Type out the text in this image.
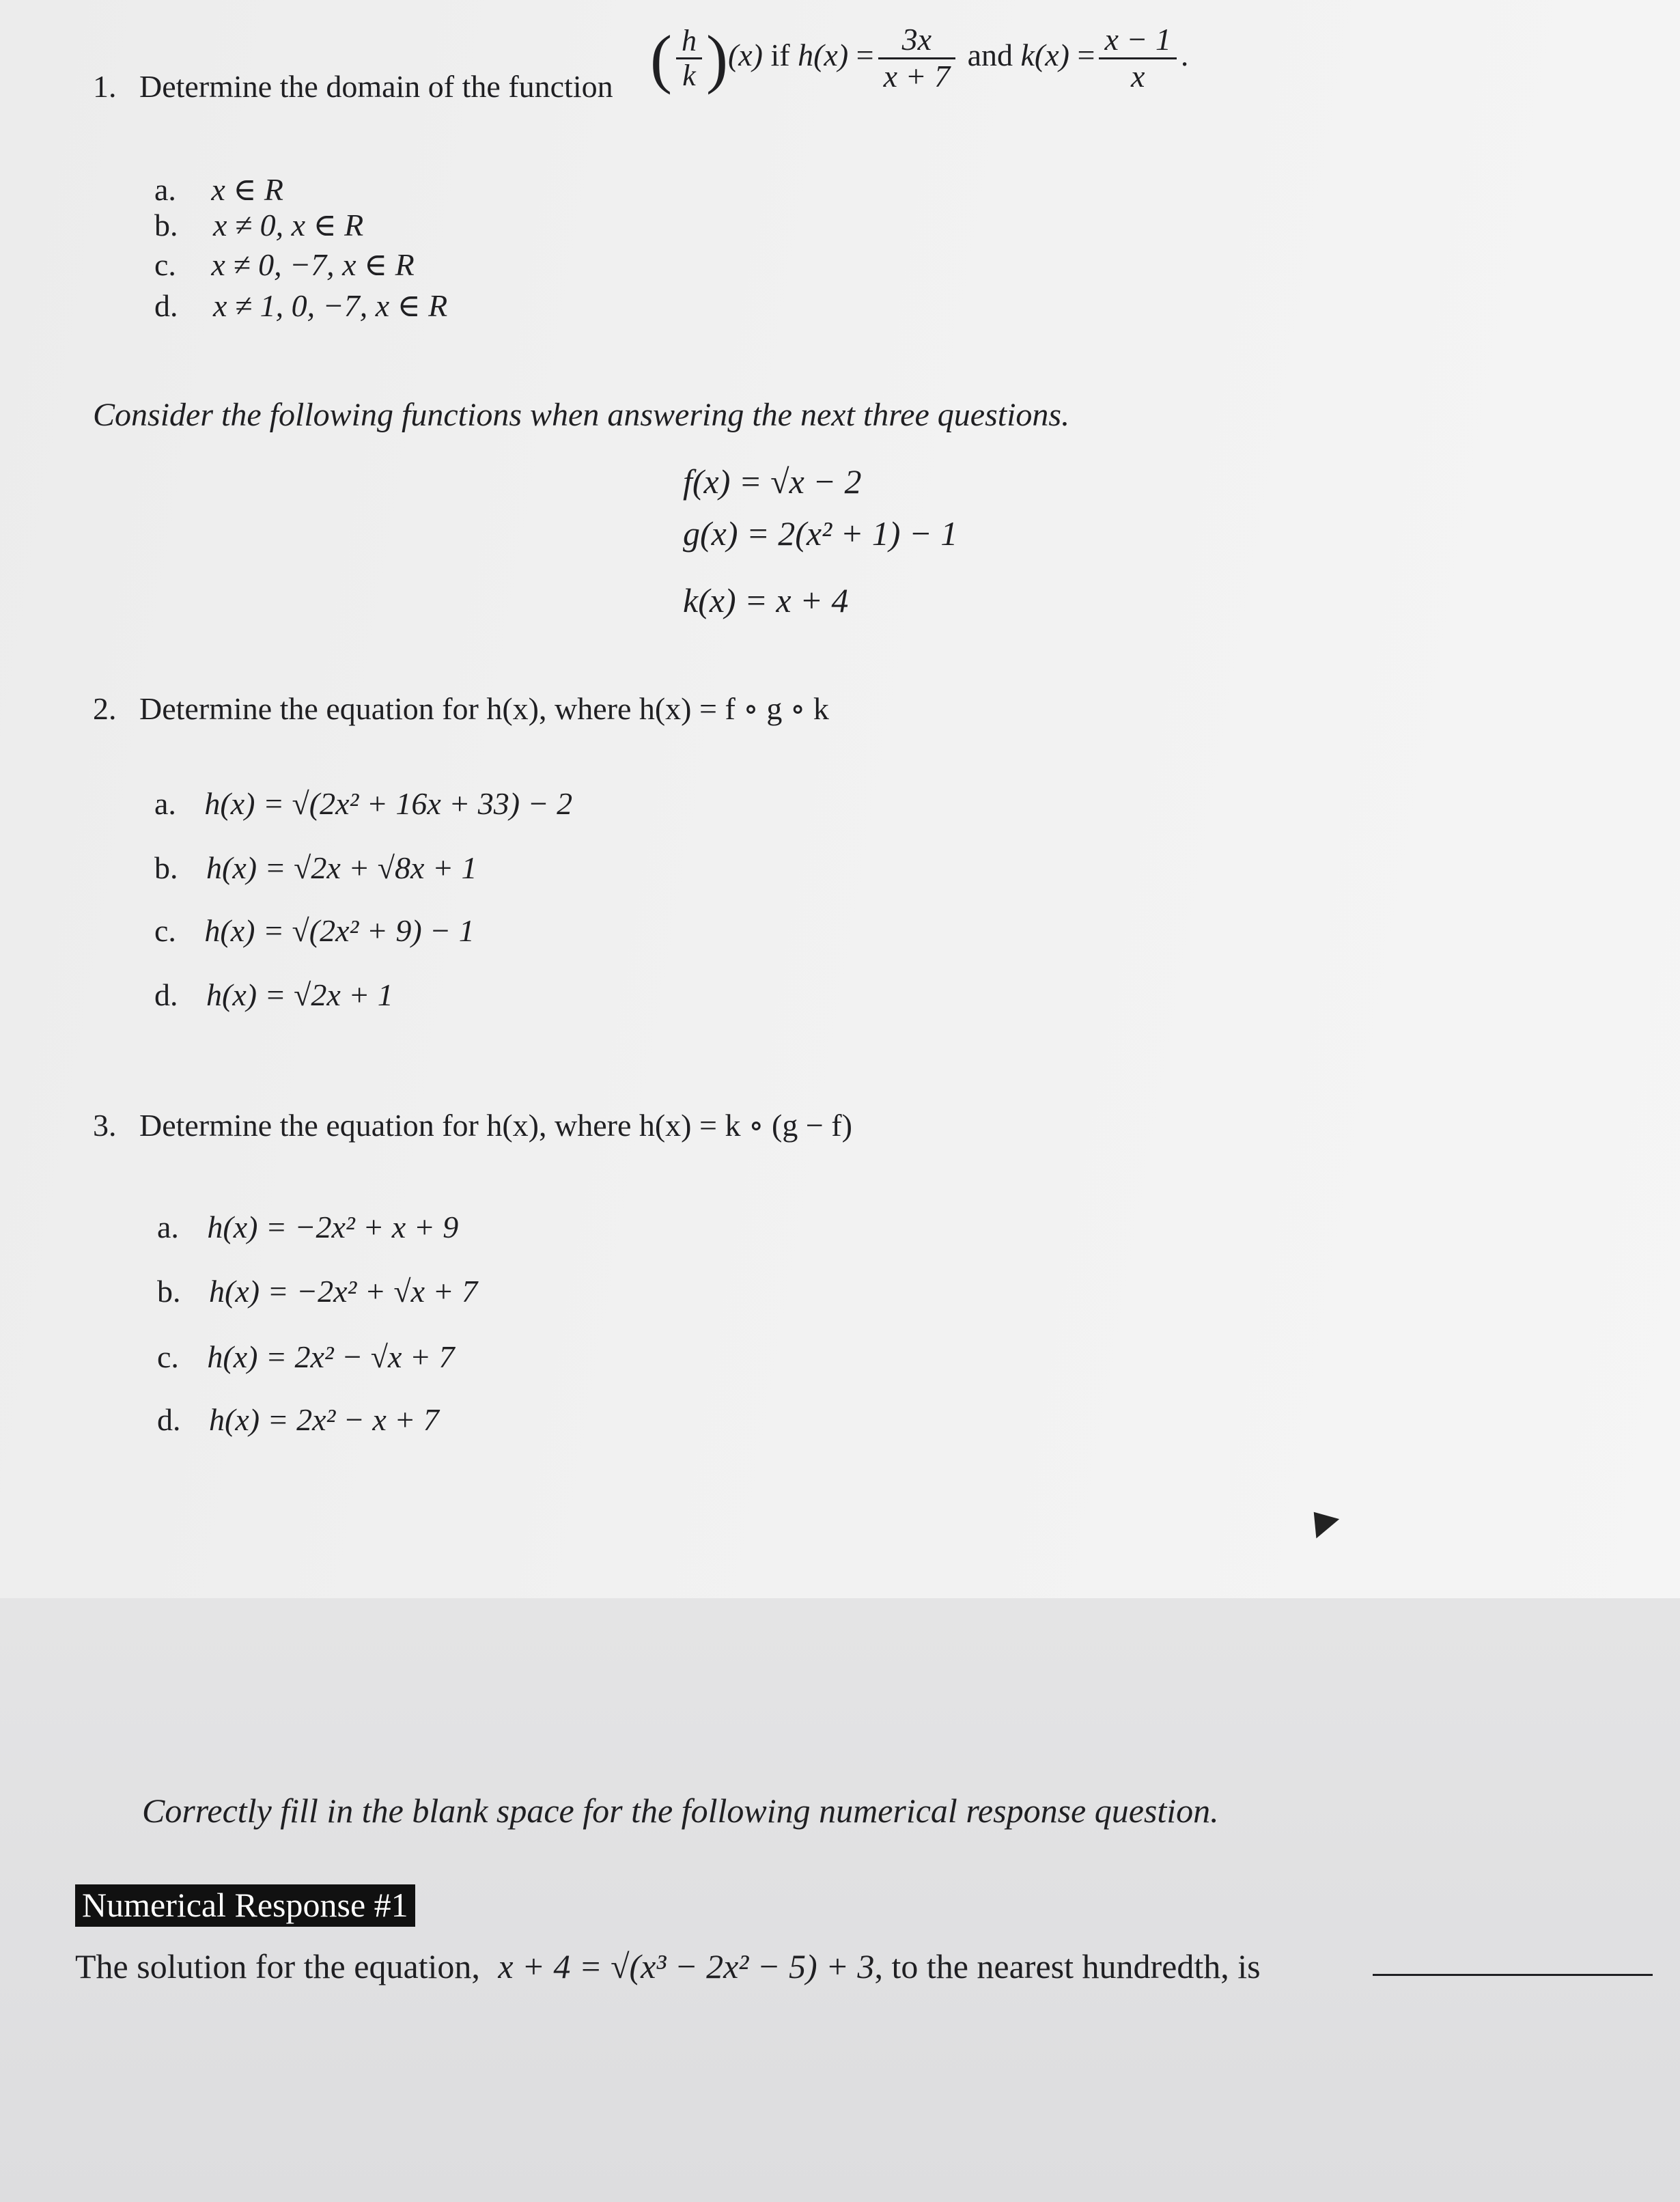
1. Determine the domain of the function ( $\frac{h}{k} )(x)$ if $h(x) = \frac{3x}{x + 7}$ and $k(x) = \frac{x - 1}{x}$ .
a. x ∈ R
b. x ≠ 0, x ∈ R
c. x ≠ 0, −7, x ∈ R
d. x ≠ 1, 0, −7, x ∈ R
Consider the following functions when answering the next three questions.
f(x) = √x − 2
g(x) = 2(x² + 1) − 1
k(x) = x + 4
2. Determine the equation for h(x), where h(x) = f ∘ g ∘ k
a. h(x) = √(2x² + 16x + 33) − 2
b. h(x) = √2x + √8x + 1
c. h(x) = √(2x² + 9) − 1
d. h(x) = √2x + 1
3. Determine the equation for h(x), where h(x) = k ∘ (g − f)
a. h(x) = −2x² + x + 9
b. h(x) = −2x² + √x + 7
c. h(x) = 2x² − √x + 7
d. h(x) = 2x² − x + 7
Correctly fill in the blank space for the following numerical response question.
Numerical Response #1
The solution for the equation, x + 4 = √(x³ − 2x² − 5) + 3, to the nearest hundredth, is
